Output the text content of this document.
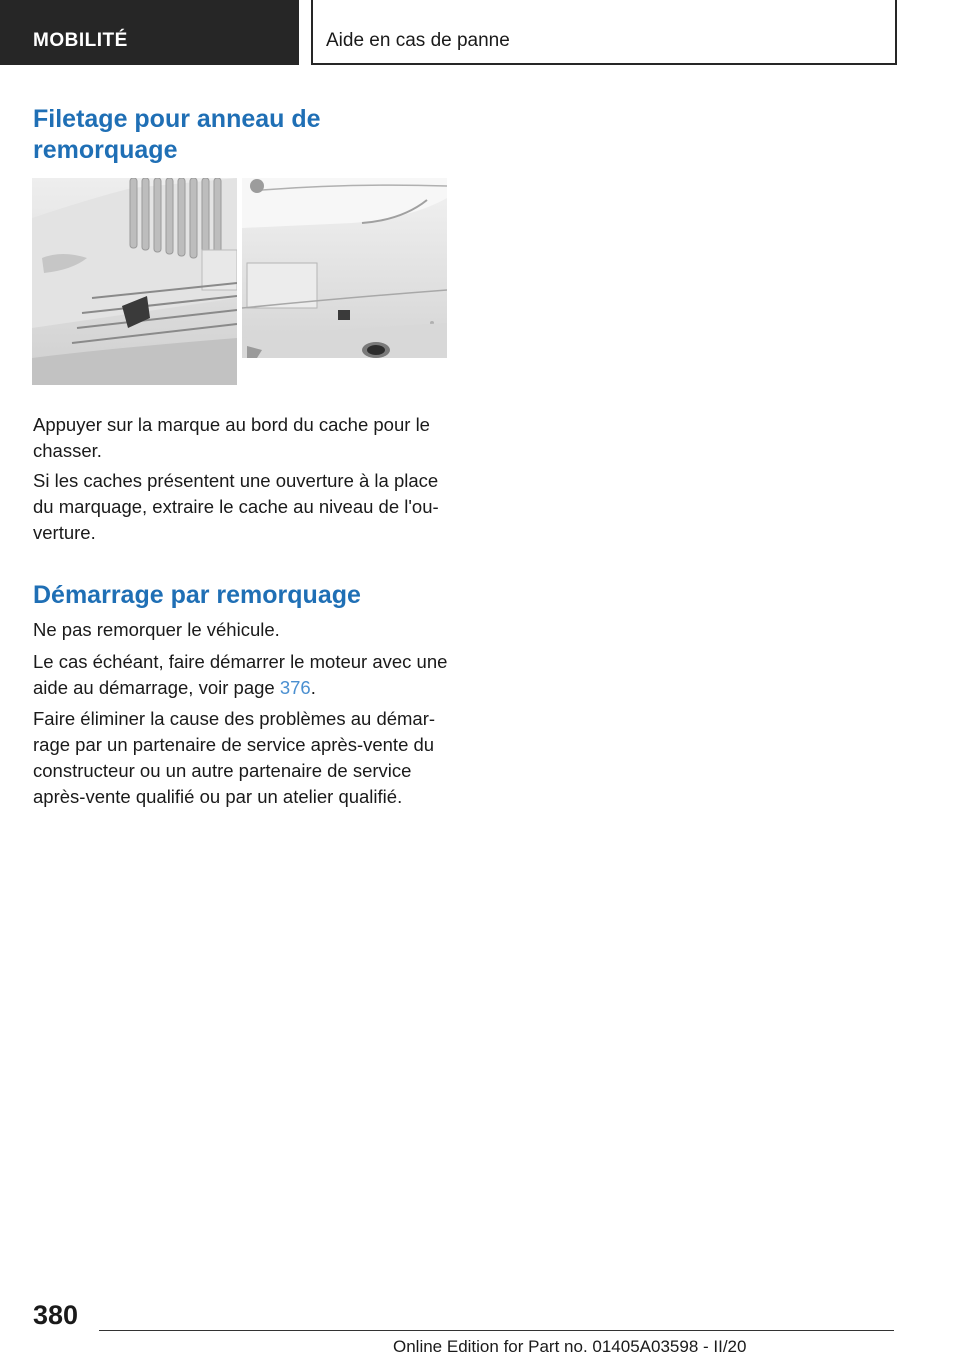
MOBILITÉ	Aide en cas de panne
Filetage pour anneau de remorquage
Appuyer sur la marque au bord du cache pour le chasser.
Si les caches présentent une ouverture à la place du marquage, extraire le cache au niveau de l'ou-verture.
Démarrage par remorquage
Ne pas remorquer le véhicule.
Le cas échéant, faire démarrer le moteur avec une aide au démarrage, voir page 376.
Faire éliminer la cause des problèmes au démar-rage par un partenaire de service après-vente du constructeur ou un autre partenaire de service après-vente qualifié ou par un atelier qualifié.
380
Online Edition for Part no. 01405A03598 - II/20
